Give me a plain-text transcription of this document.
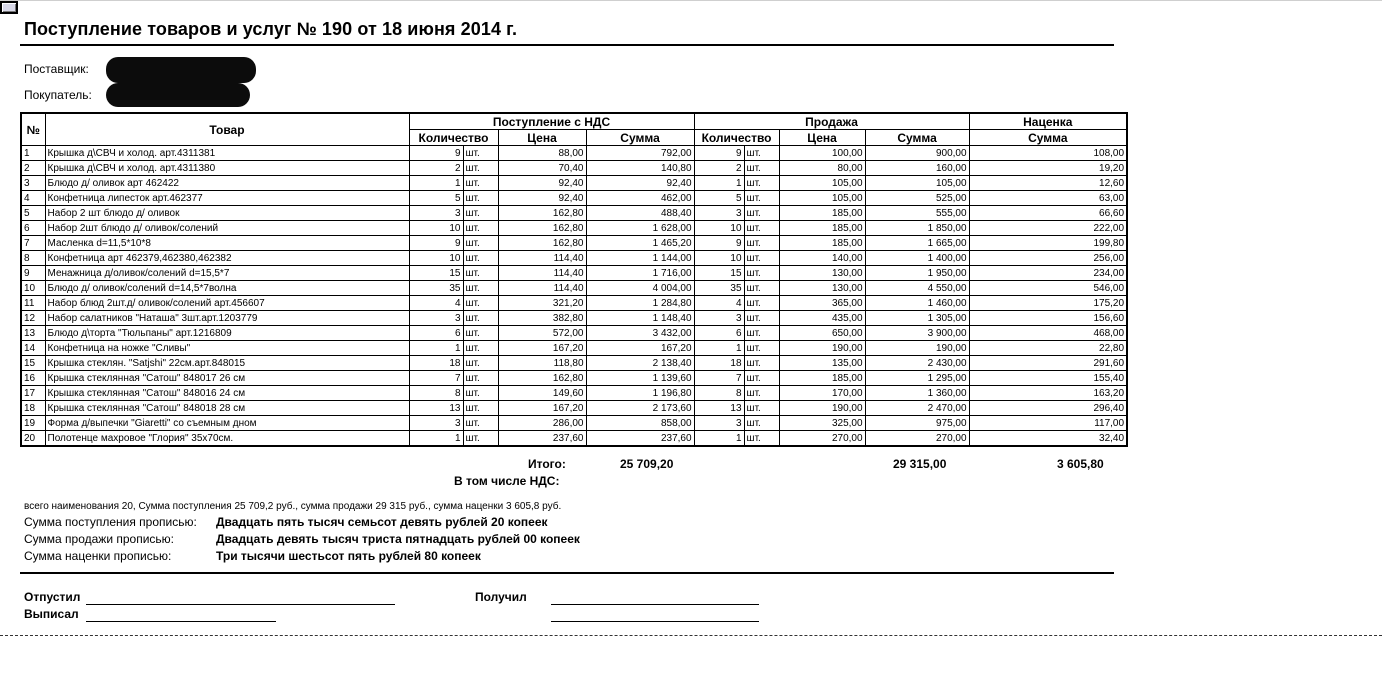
Поступление товаров и услуг № 190 от 18 июня 2014 г.
Поставщик:
Покупатель:
№	Товар	Поступление с НДС				Продажа				Наценка
		Количество		Цена	Сумма	Количество		Цена	Сумма	Сумма
1	Крышка д\СВЧ и холод. арт.4311381	9	шт.	88,00	792,00	9	шт.	100,00	900,00	108,00
2	Крышка д\СВЧ и холод. арт.4311380	2	шт.	70,40	140,80	2	шт.	80,00	160,00	19,20
3	Блюдо д/ оливок арт 462422	1	шт.	92,40	92,40	1	шт.	105,00	105,00	12,60
4	Конфетница липесток арт.462377	5	шт.	92,40	462,00	5	шт.	105,00	525,00	63,00
5	Набор 2 шт блюдо д/ оливок	3	шт.	162,80	488,40	3	шт.	185,00	555,00	66,60
6	Набор 2шт блюдо д/ оливок/солений	10	шт.	162,80	1 628,00	10	шт.	185,00	1 850,00	222,00
7	Масленка d=11,5*10*8	9	шт.	162,80	1 465,20	9	шт.	185,00	1 665,00	199,80
8	Конфетница арт 462379,462380,462382	10	шт.	114,40	1 144,00	10	шт.	140,00	1 400,00	256,00
9	Менажница д/оливок/солений d=15,5*7	15	шт.	114,40	1 716,00	15	шт.	130,00	1 950,00	234,00
10	Блюдо д/ оливок/солений d=14,5*7волна	35	шт.	114,40	4 004,00	35	шт.	130,00	4 550,00	546,00
11	Набор блюд 2шт.д/ оливок/солений арт.456607	4	шт.	321,20	1 284,80	4	шт.	365,00	1 460,00	175,20
12	Набор салатников "Наташа" 3шт.арт.1203779	3	шт.	382,80	1 148,40	3	шт.	435,00	1 305,00	156,60
13	Блюдо д\торта "Тюльпаны" арт.1216809	6	шт.	572,00	3 432,00	6	шт.	650,00	3 900,00	468,00
14	Конфетница на ножке "Сливы"	1	шт.	167,20	167,20	1	шт.	190,00	190,00	22,80
15	Крышка стеклян. "Satjshi" 22см.арт.848015	18	шт.	118,80	2 138,40	18	шт.	135,00	2 430,00	291,60
16	Крышка стеклянная "Сатош" 848017 26 см	7	шт.	162,80	1 139,60	7	шт.	185,00	1 295,00	155,40
17	Крышка стеклянная "Сатош" 848016 24 см	8	шт.	149,60	1 196,80	8	шт.	170,00	1 360,00	163,20
18	Крышка стеклянная "Сатош" 848018 28 см	13	шт.	167,20	2 173,60	13	шт.	190,00	2 470,00	296,40
19	Форма д/выпечки "Giaretti" со съемным дном	3	шт.	286,00	858,00	3	шт.	325,00	975,00	117,00
20	Полотенце махровое "Глория" 35х70см.	1	шт.	237,60	237,60	1	шт.	270,00	270,00	32,40
Итого:	25 709,20	29 315,00	3 605,80
В том числе НДС:
всего наименования 20, Сумма поступления 25 709,2 руб., сумма продажи 29 315 руб., сумма наценки 3 605,8 руб.
Сумма поступления прописью: Двадцать пять тысяч семьсот девять рублей 20 копеек
Сумма продажи прописью:	Двадцать девять тысяч триста пятнадцать рублей 00 копеек
Сумма наценки прописью:	Три тысячи шестьсот пять рублей 80 копеек
Отпустил
Выписал
Получил
